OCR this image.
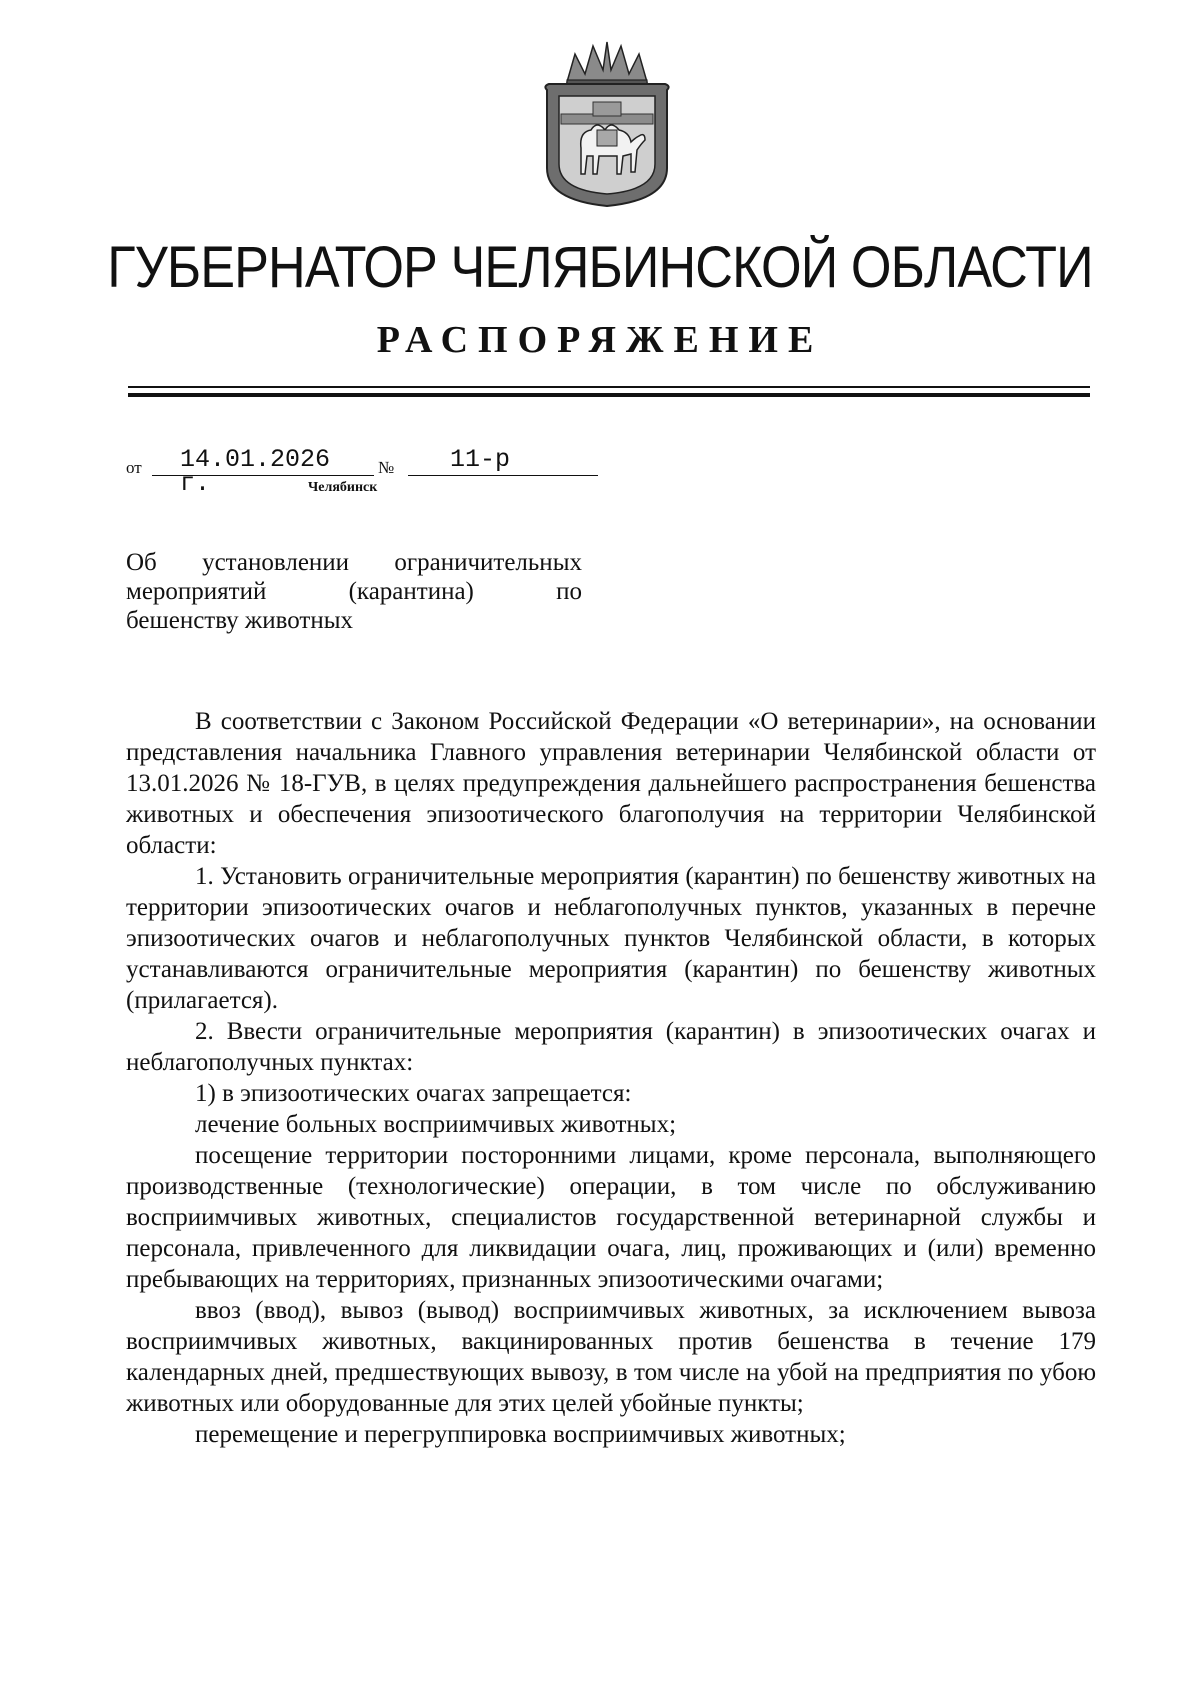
ГУБЕРНАТОР ЧЕЛЯБИНСКОЙ ОБЛАСТИ
РАСПОРЯЖЕНИЕ
от	14.01.2026 г.
№	11-р
Челябинск
Об установлении ограничительных
мероприятий (карантина) по
бешенству животных

В соответствии с Законом Российской Федерации «О ветеринарии», на основании представления начальника Главного управления ветеринарии Челябинской области от 13.01.2026 № 18-ГУВ, в целях предупреждения дальнейшего распространения бешенства животных и обеспечения эпизоотического благополучия на территории Челябинской области:

1. Установить ограничительные мероприятия (карантин) по бешенству животных на территории эпизоотических очагов и неблагополучных пунктов, указанных в перечне эпизоотических очагов и неблагополучных пунктов Челябинской области, в которых устанавливаются ограничительные мероприятия (карантин) по бешенству животных (прилагается).

2. Ввести ограничительные мероприятия (карантин) в эпизоотических очагах и неблагополучных пунктах:

1) в эпизоотических очагах запрещается:

лечение больных восприимчивых животных;

посещение территории посторонними лицами, кроме персонала, выполняющего производственные (технологические) операции, в том числе по обслуживанию восприимчивых животных, специалистов государственной ветеринарной службы и персонала, привлеченного для ликвидации очага, лиц, проживающих и (или) временно пребывающих на территориях, признанных эпизоотическими очагами;

ввоз (ввод), вывоз (вывод) восприимчивых животных, за исключением вывоза восприимчивых животных, вакцинированных против бешенства в течение 179 календарных дней, предшествующих вывозу, в том числе на убой на предприятия по убою животных или оборудованные для этих целей убойные пункты;

перемещение и перегруппировка восприимчивых животных;
